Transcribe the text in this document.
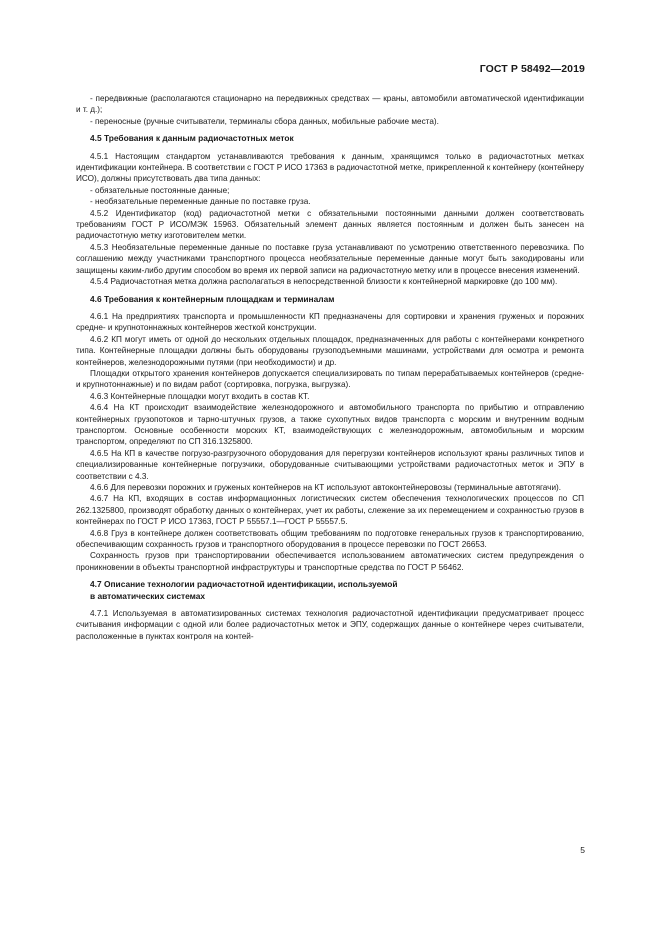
ГОСТ Р 58492—2019

- передвижные (располагаются стационарно на передвижных средствах — краны, автомобили автоматической идентификации и т. д.);

- переносные (ручные считыватели, терминалы сбора данных, мобильные рабочие места).

4.5 Требования к данным радиочастотных меток

4.5.1 Настоящим стандартом устанавливаются требования к данным, хранящимся только в радиочастотных метках идентификации контейнера. В соответствии с ГОСТ Р ИСО 17363 в радиочастотной метке, прикрепленной к контейнеру (контейнеру ИСО), должны присутствовать два типа данных:

- обязательные постоянные данные;

- необязательные переменные данные по поставке груза.

4.5.2 Идентификатор (код) радиочастотной метки с обязательными постоянными данными должен соответствовать требованиям ГОСТ Р ИСО/МЭК 15963. Обязательный элемент данных является постоянным и должен быть занесен на радиочастотную метку изготовителем метки.

4.5.3 Необязательные переменные данные по поставке груза устанавливают по усмотрению ответственного перевозчика. По соглашению между участниками транспортного процесса необязательные переменные данные могут быть закодированы или защищены каким-либо другим способом во время их первой записи на радиочастотную метку или в процессе внесения изменений.

4.5.4 Радиочастотная метка должна располагаться в непосредственной близости к контейнерной маркировке (до 100 мм).

4.6 Требования к контейнерным площадкам и терминалам

4.6.1 На предприятиях транспорта и промышленности КП предназначены для сортировки и хранения груженых и порожних средне- и крупнотоннажных контейнеров жесткой конструкции.

4.6.2 КП могут иметь от одной до нескольких отдельных площадок, предназначенных для работы с контейнерами конкретного типа. Контейнерные площадки должны быть оборудованы грузоподъемными машинами, устройствами для осмотра и ремонта контейнеров, железнодорожными путями (при необходимости) и др.

Площадки открытого хранения контейнеров допускается специализировать по типам перерабатываемых контейнеров (средне- и крупнотоннажные) и по видам работ (сортировка, погрузка, выгрузка).

4.6.3 Контейнерные площадки могут входить в состав КТ.

4.6.4 На КТ происходит взаимодействие железнодорожного и автомобильного транспорта по прибытию и отправлению контейнерных грузопотоков и тарно-штучных грузов, а также сухопутных видов транспорта с морским и внутренним водным транспортом. Основные особенности морских КТ, взаимодействующих с железнодорожным, автомобильным и морским транспортом, определяют по СП 316.1325800.

4.6.5 На КП в качестве погрузо-разгрузочного оборудования для перегрузки контейнеров используют краны различных типов и специализированные контейнерные погрузчики, оборудованные считывающими устройствами радиочастотных меток и ЭПУ в соответствии с 4.3.

4.6.6 Для перевозки порожних и груженых контейнеров на КТ используют автоконтейнеровозы (терминальные автотягачи).

4.6.7 На КП, входящих в состав информационных логистических систем обеспечения технологических процессов по СП 262.1325800, производят обработку данных о контейнерах, учет их работы, слежение за их перемещением и сохранностью грузов в контейнерах по ГОСТ Р ИСО 17363, ГОСТ Р 55557.1—ГОСТ Р 55557.5.

4.6.8 Груз в контейнере должен соответствовать общим требованиям по подготовке генеральных грузов к транспортированию, обеспечивающим сохранность грузов и транспортного оборудования в процессе перевозки по ГОСТ 26653.

Сохранность грузов при транспортировании обеспечивается использованием автоматических систем предупреждения о проникновении в объекты транспортной инфраструктуры и транспортные средства по ГОСТ Р 56462.

4.7 Описание технологии радиочастотной идентификации, используемой
в автоматических системах

4.7.1 Используемая в автоматизированных системах технология радиочастотной идентификации предусматривает процесс считывания информации с одной или более радиочастотных меток и ЭПУ, содержащих данные о контейнере через считыватели, расположенные в пунктах контроля на контей-

5
